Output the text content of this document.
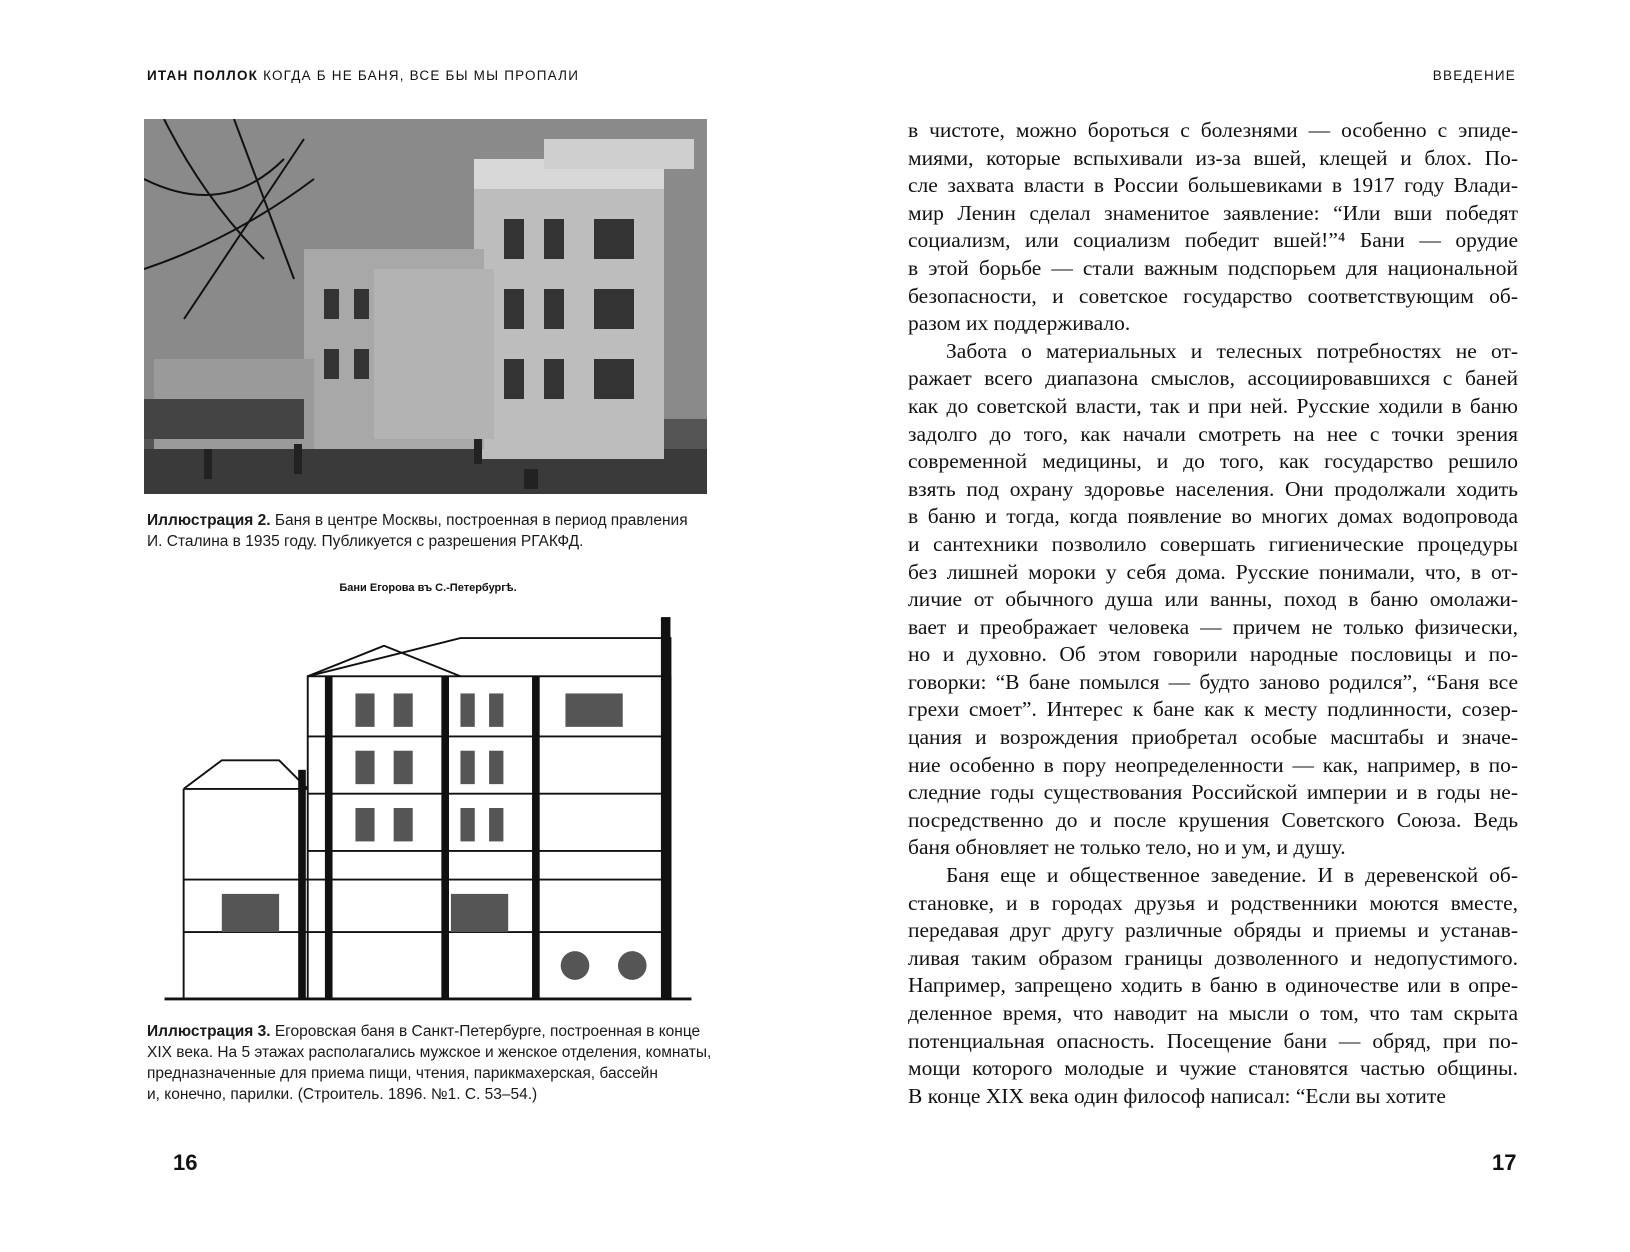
ИТАН ПОЛЛОК КОГДА Б НЕ БАНЯ, ВСЕ БЫ МЫ ПРОПАЛИ	ВВЕДЕНИЕ
Иллюстрация 2. Баня в центре Москвы, построенная в период правления
И. Сталина в 1935 году. Публикуется с разрешения РГАКФД.
Бани Егорова въ С.-Петербургѣ.
Иллюстрация 3. Егоровская баня в Санкт-Петербурге, построенная в конце
XIX века. На 5 этажах располагались мужское и женское отделения, комнаты,
предназначенные для приема пищи, чтения, парикмахерская, бассейн
и, конечно, парилки. (Строитель. 1896. №1. С. 53–54.)
16	17
в чистоте, можно бороться с болезнями — особенно с эпиде-
миями, которые вспыхивали из-за вшей, клещей и блох. По-
сле захвата власти в России большевиками в 1917 году Влади-
мир Ленин сделал знаменитое заявление: “Или вши победят
социализм, или социализм победит вшей!”⁴ Бани — орудие
в этой борьбе — стали важным подспорьем для национальной
безопасности, и советское государство соответствующим об-
разом их поддерживало.
Забота о материальных и телесных потребностях не от-
ражает всего диапазона смыслов, ассоциировавшихся с баней
как до советской власти, так и при ней. Русские ходили в баню
задолго до того, как начали смотреть на нее с точки зрения
современной медицины, и до того, как государство решило
взять под охрану здоровье населения. Они продолжали ходить
в баню и тогда, когда появление во многих домах водопровода
и сантехники позволило совершать гигиенические процедуры
без лишней мороки у себя дома. Русские понимали, что, в от-
личие от обычного душа или ванны, поход в баню омолажи-
вает и преображает человека — причем не только физически,
но и духовно. Об этом говорили народные пословицы и по-
говорки: “В бане помылся — будто заново родился”, “Баня все
грехи смоет”. Интерес к бане как к месту подлинности, созер-
цания и возрождения приобретал особые масштабы и значе-
ние особенно в пору неопределенности — как, например, в по-
следние годы существования Российской империи и в годы не-
посредственно до и после крушения Советского Союза. Ведь
баня обновляет не только тело, но и ум, и душу.
Баня еще и общественное заведение. И в деревенской об-
становке, и в городах друзья и родственники моются вместе,
передавая друг другу различные обряды и приемы и устанав-
ливая таким образом границы дозволенного и недопустимого.
Например, запрещено ходить в баню в одиночестве или в опре-
деленное время, что наводит на мысли о том, что там скрыта
потенциальная опасность. Посещение бани — обряд, при по-
мощи которого молодые и чужие становятся частью общины.
В конце XIX века один философ написал: “Если вы хотите
